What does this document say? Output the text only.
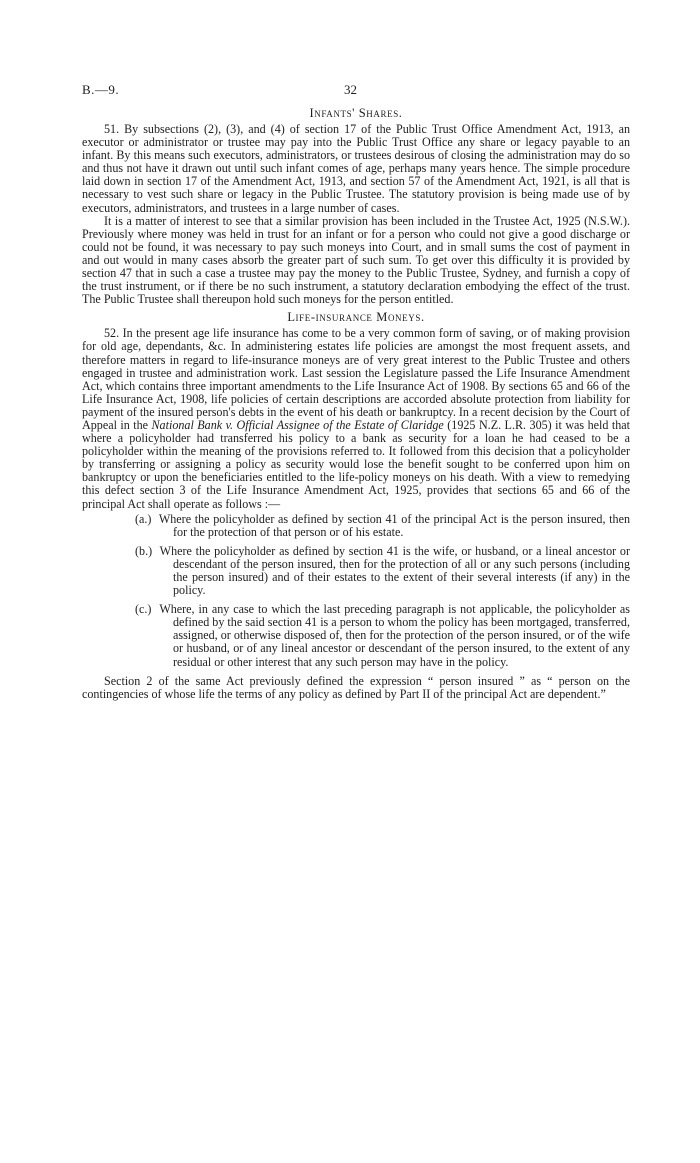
B.—9.	32
Infants' Shares.

51. By subsections (2), (3), and (4) of section 17 of the Public Trust Office Amendment Act, 1913, an executor or administrator or trustee may pay into the Public Trust Office any share or legacy payable to an infant. By this means such executors, administrators, or trustees desirous of closing the administration may do so and thus not have it drawn out until such infant comes of age, perhaps many years hence. The simple procedure laid down in section 17 of the Amendment Act, 1913, and section 57 of the Amendment Act, 1921, is all that is necessary to vest such share or legacy in the Public Trustee. The statutory provision is being made use of by executors, administrators, and trustees in a large number of cases.

It is a matter of interest to see that a similar provision has been included in the Trustee Act, 1925 (N.S.W.). Previously where money was held in trust for an infant or for a person who could not give a good discharge or could not be found, it was necessary to pay such moneys into Court, and in small sums the cost of payment in and out would in many cases absorb the greater part of such sum. To get over this difficulty it is provided by section 47 that in such a case a trustee may pay the money to the Public Trustee, Sydney, and furnish a copy of the trust instrument, or if there be no such instrument, a statutory declaration embodying the effect of the trust. The Public Trustee shall thereupon hold such moneys for the person entitled.

Life-insurance Moneys.

52. In the present age life insurance has come to be a very common form of saving, or of making provision for old age, dependants, &c. In administering estates life policies are amongst the most frequent assets, and therefore matters in regard to life-insurance moneys are of very great interest to the Public Trustee and others engaged in trustee and administration work. Last session the Legislature passed the Life Insurance Amendment Act, which contains three important amendments to the Life Insurance Act of 1908. By sections 65 and 66 of the Life Insurance Act, 1908, life policies of certain descriptions are accorded absolute protection from liability for payment of the insured person's debts in the event of his death or bankruptcy. In a recent decision by the Court of Appeal in the National Bank v. Official Assignee of the Estate of Claridge (1925 N.Z. L.R. 305) it was held that where a policyholder had transferred his policy to a bank as security for a loan he had ceased to be a policyholder within the meaning of the provisions referred to. It followed from this decision that a policyholder by transferring or assigning a policy as security would lose the benefit sought to be conferred upon him on bankruptcy or upon the beneficiaries entitled to the life-policy moneys on his death. With a view to remedying this defect section 3 of the Life Insurance Amendment Act, 1925, provides that sections 65 and 66 of the principal Act shall operate as follows :—

(a.) Where the policyholder as defined by section 41 of the principal Act is the person insured, then for the protection of that person or of his estate.
(b.) Where the policyholder as defined by section 41 is the wife, or husband, or a lineal ancestor or descendant of the person insured, then for the protection of all or any such persons (including the person insured) and of their estates to the extent of their several interests (if any) in the policy.
(c.) Where, in any case to which the last preceding paragraph is not applicable, the policyholder as defined by the said section 41 is a person to whom the policy has been mortgaged, transferred, assigned, or otherwise disposed of, then for the protection of the person insured, or of the wife or husband, or of any lineal ancestor or descendant of the person insured, to the extent of any residual or other interest that any such person may have in the policy.

Section 2 of the same Act previously defined the expression “ person insured ” as “ person on the contingencies of whose life the terms of any policy as defined by Part II of the principal Act are dependent.”
